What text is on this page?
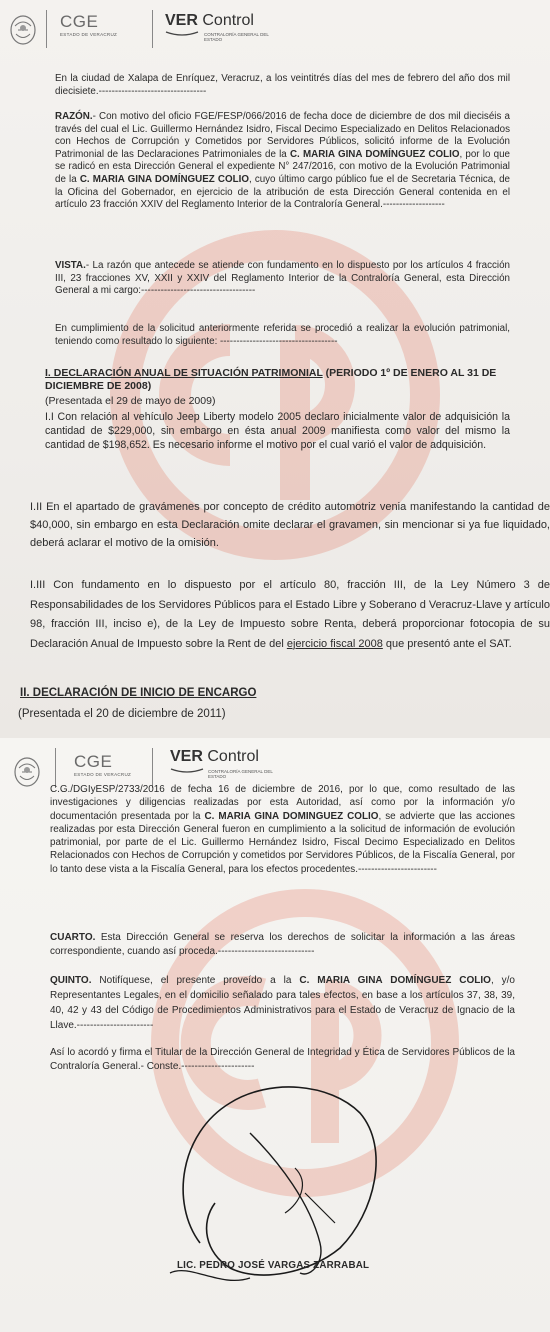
CGE
ESTADO DE VERACRUZ
VER Control
CONTRALORÍA GENERAL DEL ESTADO

En la ciudad de Xalapa de Enríquez, Veracruz, a los veintitrés días del mes de febrero del año dos mil diecisiete.---------------------------------

RAZÓN.- Con motivo del oficio FGE/FESP/066/2016 de fecha doce de diciembre de dos mil dieciséis a través del cual el Lic. Guillermo Hernández Isidro, Fiscal Decimo Especializado en Delitos Relacionados con Hechos de Corrupción y Cometidos por Servidores Públicos, solicitó informe de la Evolución Patrimonial de las Declaraciones Patrimoniales de la C. MARIA GINA DOMÍNGUEZ COLIO, por lo que se radicó en esta Dirección General el expediente N° 247/2016, con motivo de la Evolución Patrimonial de la C. MARIA GINA DOMÍNGUEZ COLIO, cuyo último cargo público fue el de Secretaria Técnica, de la Oficina del Gobernador, en ejercicio de la atribución de esta Dirección General contenida en el artículo 23 fracción XXIV del Reglamento Interior de la Contraloría General.-------------------

VISTA.- La razón que antecede se atiende con fundamento en lo dispuesto por los artículos 4 fracción III, 23 fracciones XV, XXII y XXIV del Reglamento Interior de la Contraloría General, esta Dirección General a mi cargo:-----------------------------------

En cumplimiento de la solicitud anteriormente referida se procedió a realizar la evolución patrimonial, teniendo como resultado lo siguiente: ------------------------------------

I. DECLARACIÓN ANUAL DE SITUACIÓN PATRIMONIAL (PERIODO 1º DE ENERO AL 31 DE DICIEMBRE DE 2008)
(Presentada el 29 de mayo de 2009)
I.I Con relación al vehículo Jeep Liberty modelo 2005 declaro inicialmente valor de adquisición la cantidad de $229,000, sin embargo en ésta anual 2009 manifiesta como valor del mismo la cantidad de $198,652. Es necesario informe el motivo por el cual varió el valor de adquisición.
I.II En el apartado de gravámenes por concepto de crédito automotriz venia manifestando la cantidad de $40,000, sin embargo en esta Declaración omite declarar el gravamen, sin mencionar si ya fue liquidado, deberá aclarar el motivo de la omisión.

I.III Con fundamento en lo dispuesto por el artículo 80, fracción III, de la Ley Número 3 de Responsabilidades de los Servidores Públicos para el Estado Libre y Soberano d Veracruz-Llave y artículo 98, fracción III, inciso e), de la Ley de Impuesto sobre Renta, deberá proporcionar fotocopia de su Declaración Anual de Impuesto sobre la Rent de del ejercicio fiscal 2008 que presentó ante el SAT.

II. DECLARACIÓN DE INICIO DE ENCARGO
(Presentada el 20 de diciembre de 2011)
CGE
ESTADO DE VERACRUZ
VER Control
CONTRALORÍA GENERAL DEL ESTADO

C.G./DGIyESP/2733/2016 de fecha 16 de diciembre de 2016, por lo que, como resultado de las investigaciones y diligencias realizadas por esta Autoridad, así como por la información y/o documentación presentada por la C. MARIA GINA DOMINGUEZ COLIO, se advierte que las acciones realizadas por esta Dirección General fueron en cumplimiento a la solicitud de información de evolución patrimonial, por parte de el Lic. Guillermo Hernández Isidro, Fiscal Decimo Especializado en Delitos Relacionados con Hechos de Corrupción y cometidos por Servidores Públicos, de la Fiscalía General, por lo tanto dese vista a la Fiscalía General, para los efectos procedentes.------------------------

CUARTO. Esta Dirección General se reserva los derechos de solicitar la información a las áreas correspondiente, cuando así proceda.-----------------------------

QUINTO. Notifíquese, el presente proveído a la C. MARIA GINA DOMÍNGUEZ COLIO, y/o Representantes Legales, en el domicilio señalado para tales efectos, en base a los artículos 37, 38, 39, 40, 42 y 43 del Código de Procedimientos Administrativos para el Estado de Veracruz de Ignacio de la Llave.-----------------------

Así lo acordó y firma el Titular de la Dirección General de Integridad y Ética de Servidores Públicos de la Contraloría General.- Conste.----------------------
LIC. PEDRO JOSÉ VARGAS ZARRABAL
